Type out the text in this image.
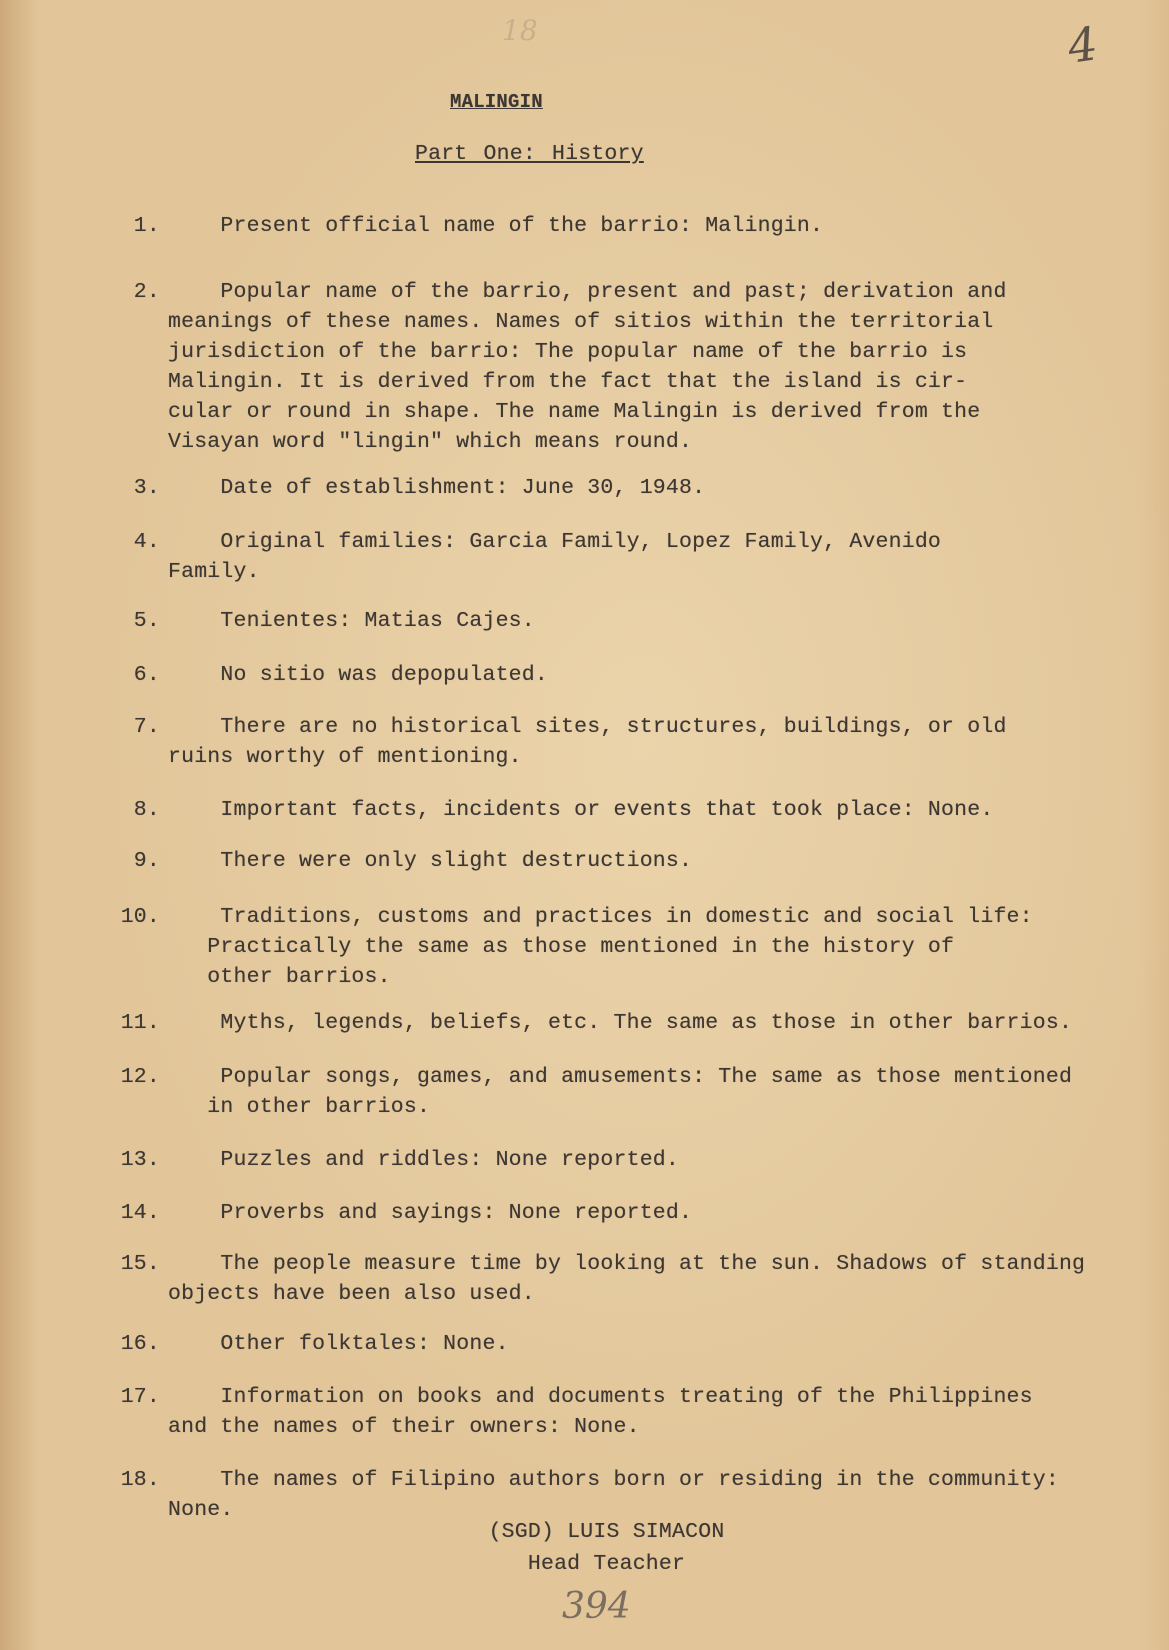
18	4
MALINGIN
Part One: History

1.	Present official name of the barrio: Malingin.

2.	Popular name of the barrio, present and past; derivation and
meanings of these names. Names of sitios within the territorial
jurisdiction of the barrio: The popular name of the barrio is
Malingin. It is derived from the fact that the island is cir-
cular or round in shape. The name Malingin is derived from the
Visayan word "lingin" which means round.

3.	Date of establishment: June 30, 1948.

4.	Original families: Garcia Family, Lopez Family, Avenido
Family.

5.	Tenientes: Matias Cajes.

6.	No sitio was depopulated.

7.	There are no historical sites, structures, buildings, or old
ruins worthy of mentioning.

8.	Important facts, incidents or events that took place: None.

9.	There were only slight destructions.

10.	Traditions, customs and practices in domestic and social life:
Practically the same as those mentioned in the history of
other barrios.

11.	Myths, legends, beliefs, etc. The same as those in other barrios.

12.	Popular songs, games, and amusements: The same as those mentioned
in other barrios.

13.	Puzzles and riddles: None reported.

14.	Proverbs and sayings: None reported.

15.	The people measure time by looking at the sun. Shadows of standing
objects have been also used.

16.	Other folktales: None.

17.	Information on books and documents treating of the Philippines
and the names of their owners: None.

18.	The names of Filipino authors born or residing in the community:
None.

(SGD) LUIS SIMACON
Head Teacher
394
